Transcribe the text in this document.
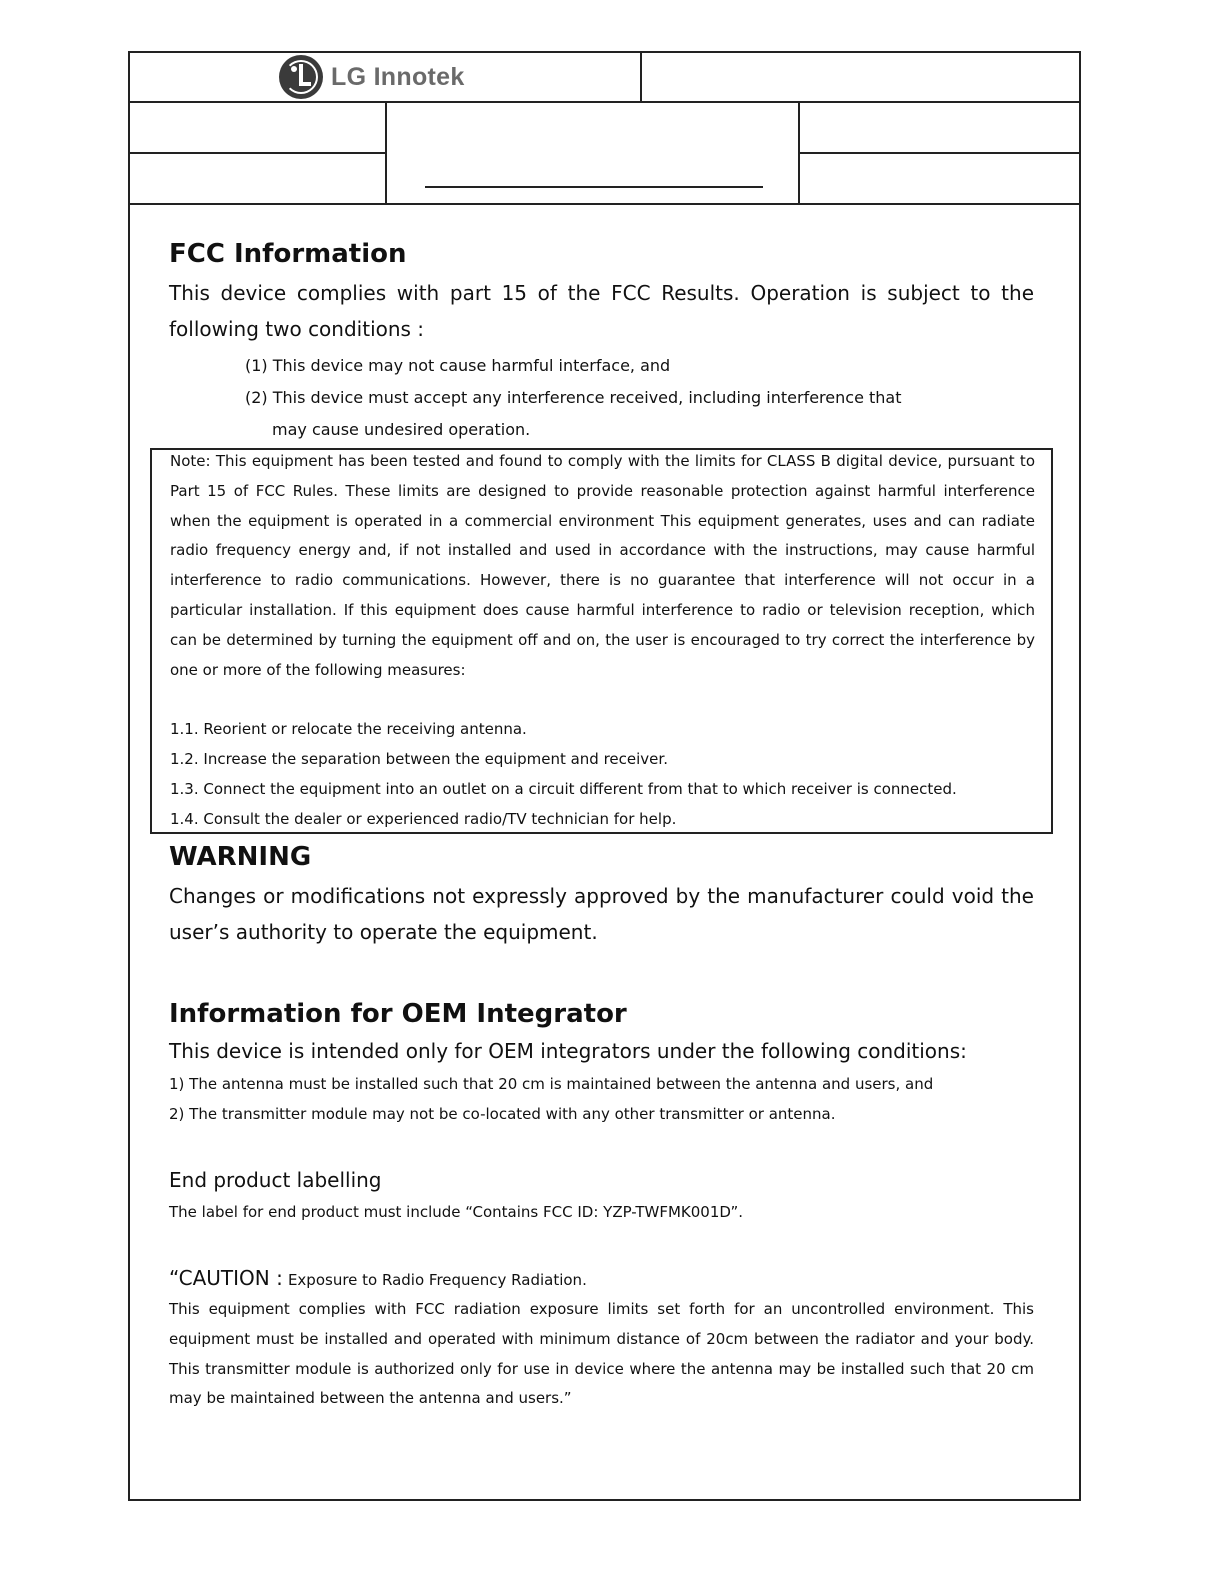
LG Innotek
FCC Information

This device complies with part 15 of the FCC Results. Operation is subject to the following two conditions :

(1) This device may not cause harmful interface, and

(2) This device must accept any interference received, including interference that

may cause undesired operation.

Note: This equipment has been tested and found to comply with the limits for CLASS B digital device, pursuant to Part 15 of FCC Rules. These limits are designed to provide reasonable protection against harmful interference when the equipment is operated in a commercial environment This equipment generates, uses and can radiate radio frequency energy and, if not installed and used in accordance with the instructions, may cause harmful interference to radio communications. However, there is no guarantee that interference will not occur in a particular installation. If this equipment does cause harmful interference to radio or television reception, which can be determined by turning the equipment off and on, the user is encouraged to try correct the interference by one or more of the following measures:

1.1. Reorient or relocate the receiving antenna.

1.2. Increase the separation between the equipment and receiver.

1.3. Connect the equipment into an outlet on a circuit different from that to which receiver is connected.

1.4. Consult the dealer or experienced radio/TV technician for help.

WARNING

Changes or modifications not expressly approved by the manufacturer could void the user’s authority to operate the equipment.

Information for OEM Integrator

This device is intended only for OEM integrators under the following conditions:

1) The antenna must be installed such that 20 cm is maintained between the antenna and users, and

2) The transmitter module may not be co-located with any other transmitter or antenna.

End product labelling

The label for end product must include “Contains FCC ID: YZP-TWFMK001D”.

“CAUTION : Exposure to Radio Frequency Radiation.

This equipment complies with FCC radiation exposure limits set forth for an uncontrolled environment. This equipment must be installed and operated with minimum distance of 20cm between the radiator and your body. This transmitter module is authorized only for use in device where the antenna may be installed such that 20 cm may be maintained between the antenna and users.”
